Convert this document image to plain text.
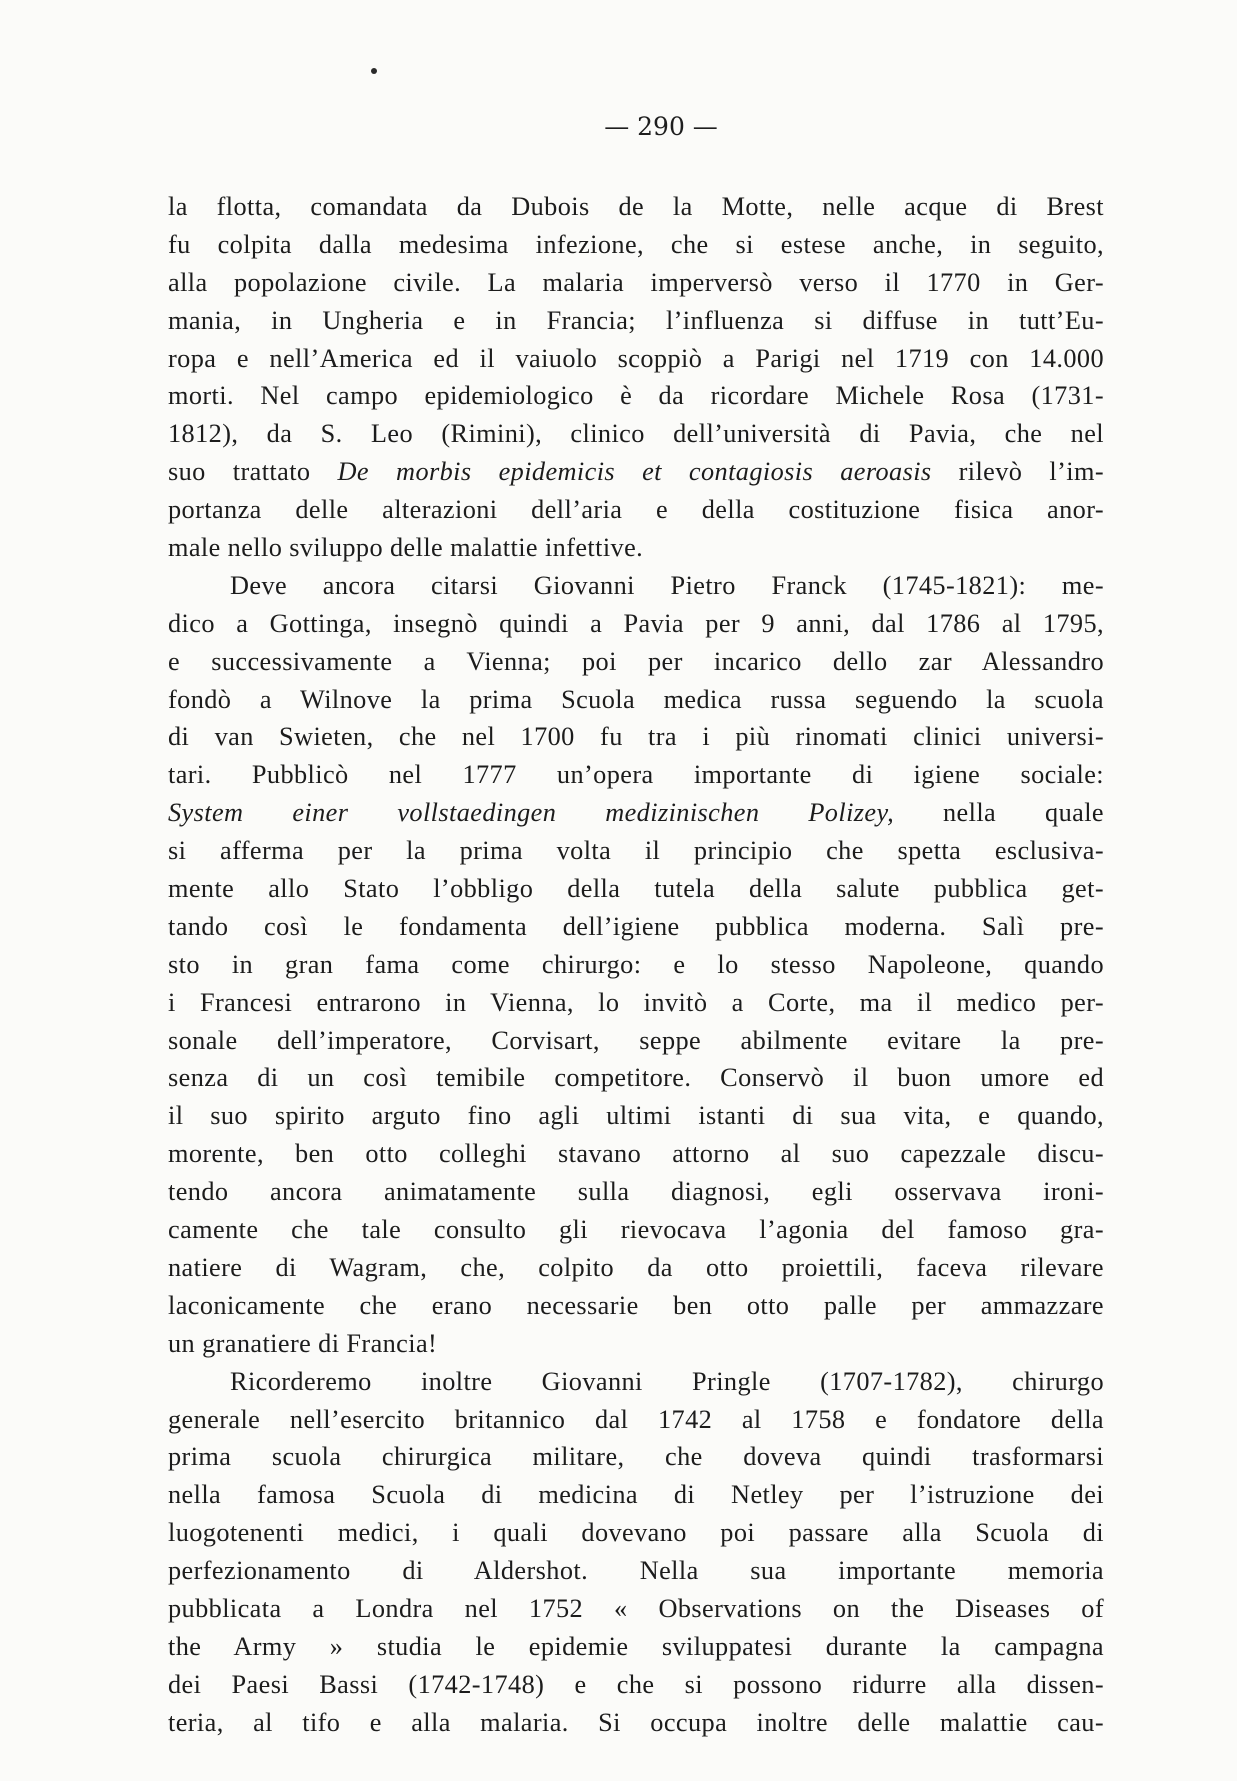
— 290 —
la flotta, comandata da Dubois de la Motte, nelle acque di Brest
fu colpita dalla medesima infezione, che si estese anche, in seguito,
alla popolazione civile. La malaria imperversò verso il 1770 in Ger-
mania, in Ungheria e in Francia; l’influenza si diffuse in tutt’Eu-
ropa e nell’America ed il vaiuolo scoppiò a Parigi nel 1719 con 14.000
morti. Nel campo epidemiologico è da ricordare Michele Rosa (1731-
1812), da S. Leo (Rimini), clinico dell’università di Pavia, che nel
suo trattato De morbis epidemicis et contagiosis aeroasis rilevò l’im-
portanza delle alterazioni dell’aria e della costituzione fisica anor-
male nello sviluppo delle malattie infettive.
Deve ancora citarsi Giovanni Pietro Franck (1745-1821): me-
dico a Gottinga, insegnò quindi a Pavia per 9 anni, dal 1786 al 1795,
e successivamente a Vienna; poi per incarico dello zar Alessandro
fondò a Wilnove la prima Scuola medica russa seguendo la scuola
di van Swieten, che nel 1700 fu tra i più rinomati clinici universi-
tari. Pubblicò nel 1777 un’opera importante di igiene sociale:
System einer vollstaedingen medizinischen Polizey, nella quale
si afferma per la prima volta il principio che spetta esclusiva-
mente allo Stato l’obbligo della tutela della salute pubblica get-
tando così le fondamenta dell’igiene pubblica moderna. Salì pre-
sto in gran fama come chirurgo: e lo stesso Napoleone, quando
i Francesi entrarono in Vienna, lo invitò a Corte, ma il medico per-
sonale dell’imperatore, Corvisart, seppe abilmente evitare la pre-
senza di un così temibile competitore. Conservò il buon umore ed
il suo spirito arguto fino agli ultimi istanti di sua vita, e quando,
morente, ben otto colleghi stavano attorno al suo capezzale discu-
tendo ancora animatamente sulla diagnosi, egli osservava ironi-
camente che tale consulto gli rievocava l’agonia del famoso gra-
natiere di Wagram, che, colpito da otto proiettili, faceva rilevare
laconicamente che erano necessarie ben otto palle per ammazzare
un granatiere di Francia!
Ricorderemo inoltre Giovanni Pringle (1707-1782), chirurgo
generale nell’esercito britannico dal 1742 al 1758 e fondatore della
prima scuola chirurgica militare, che doveva quindi trasformarsi
nella famosa Scuola di medicina di Netley per l’istruzione dei
luogotenenti medici, i quali dovevano poi passare alla Scuola di
perfezionamento di Aldershot. Nella sua importante memoria
pubblicata a Londra nel 1752 « Observations on the Diseases of
the Army » studia le epidemie sviluppatesi durante la campagna
dei Paesi Bassi (1742-1748) e che si possono ridurre alla dissen-
teria, al tifo e alla malaria. Si occupa inoltre delle malattie cau-
